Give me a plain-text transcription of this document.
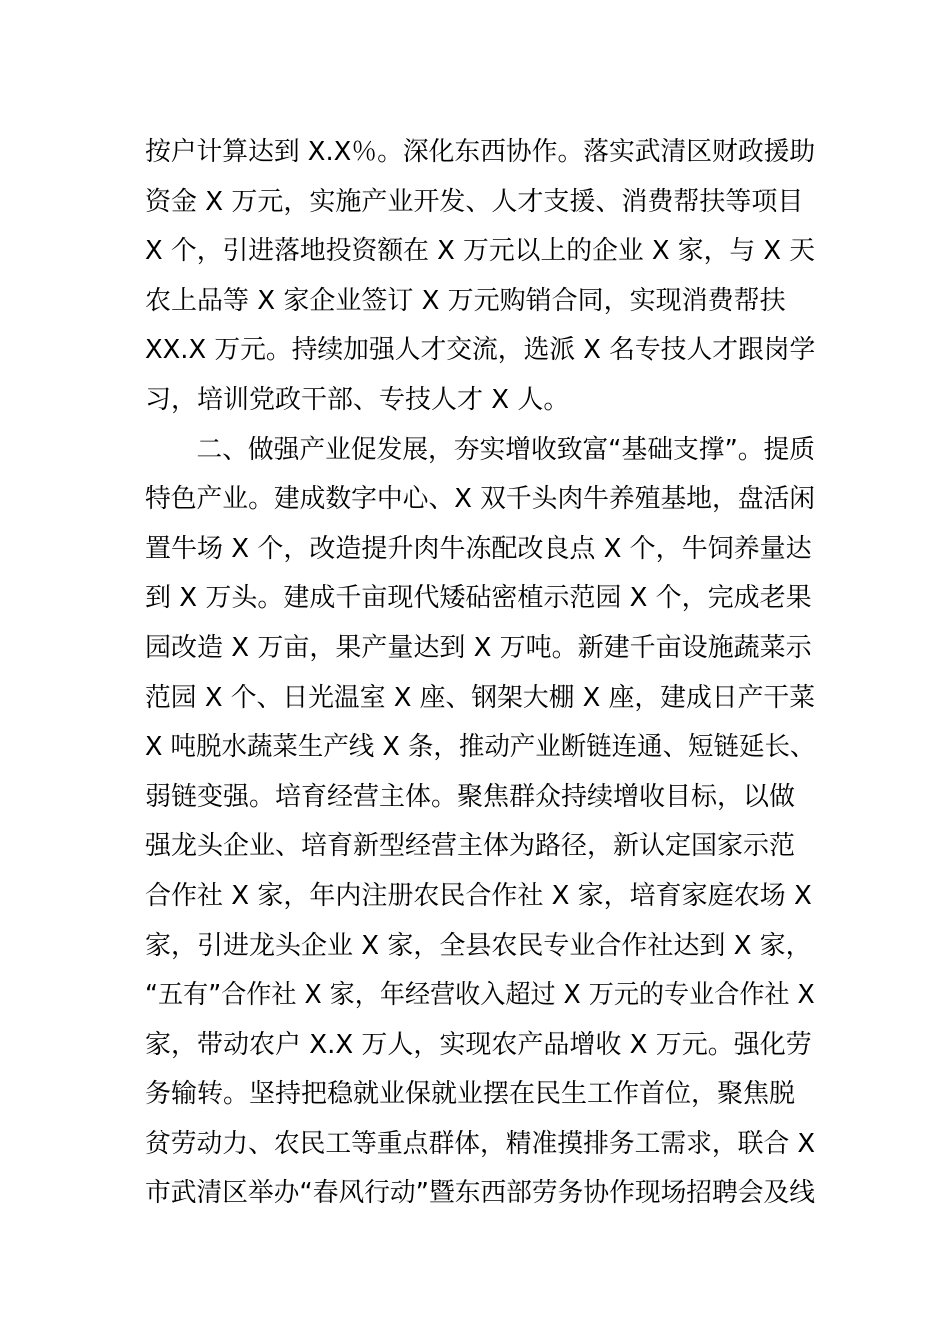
按户计算达到 X.X％。深化东西协作。落实武清区财政援助
资金 X 万元，实施产业开发、人才支援、消费帮扶等项目
X 个，引进落地投资额在 X 万元以上的企业 X 家，与 X 天
农上品等 X 家企业签订 X 万元购销合同，实现消费帮扶
XX.X 万元。持续加强人才交流，选派 X 名专技人才跟岗学
习，培训党政干部、专技人才 X 人。
二、做强产业促发展，夯实增收致富“基础支撑”。提质
特色产业。建成数字中心、X 双千头肉牛养殖基地，盘活闲
置牛场 X 个，改造提升肉牛冻配改良点 X 个，牛饲养量达
到 X 万头。建成千亩现代矮砧密植示范园 X 个，完成老果
园改造 X 万亩，果产量达到 X 万吨。新建千亩设施蔬菜示
范园 X 个、日光温室 X 座、钢架大棚 X 座，建成日产干菜
X 吨脱水蔬菜生产线 X 条，推动产业断链连通、短链延长、
弱链变强。培育经营主体。聚焦群众持续增收目标，以做
强龙头企业、培育新型经营主体为路径，新认定国家示范
合作社 X 家，年内注册农民合作社 X 家，培育家庭农场 X
家，引进龙头企业 X 家，全县农民专业合作社达到 X 家，
“五有”合作社 X 家，年经营收入超过 X 万元的专业合作社 X
家，带动农户 X.X 万人，实现农产品增收 X 万元。强化劳
务输转。坚持把稳就业保就业摆在民生工作首位，聚焦脱
贫劳动力、农民工等重点群体，精准摸排务工需求，联合 X
市武清区举办“春风行动”暨东西部劳务协作现场招聘会及线
